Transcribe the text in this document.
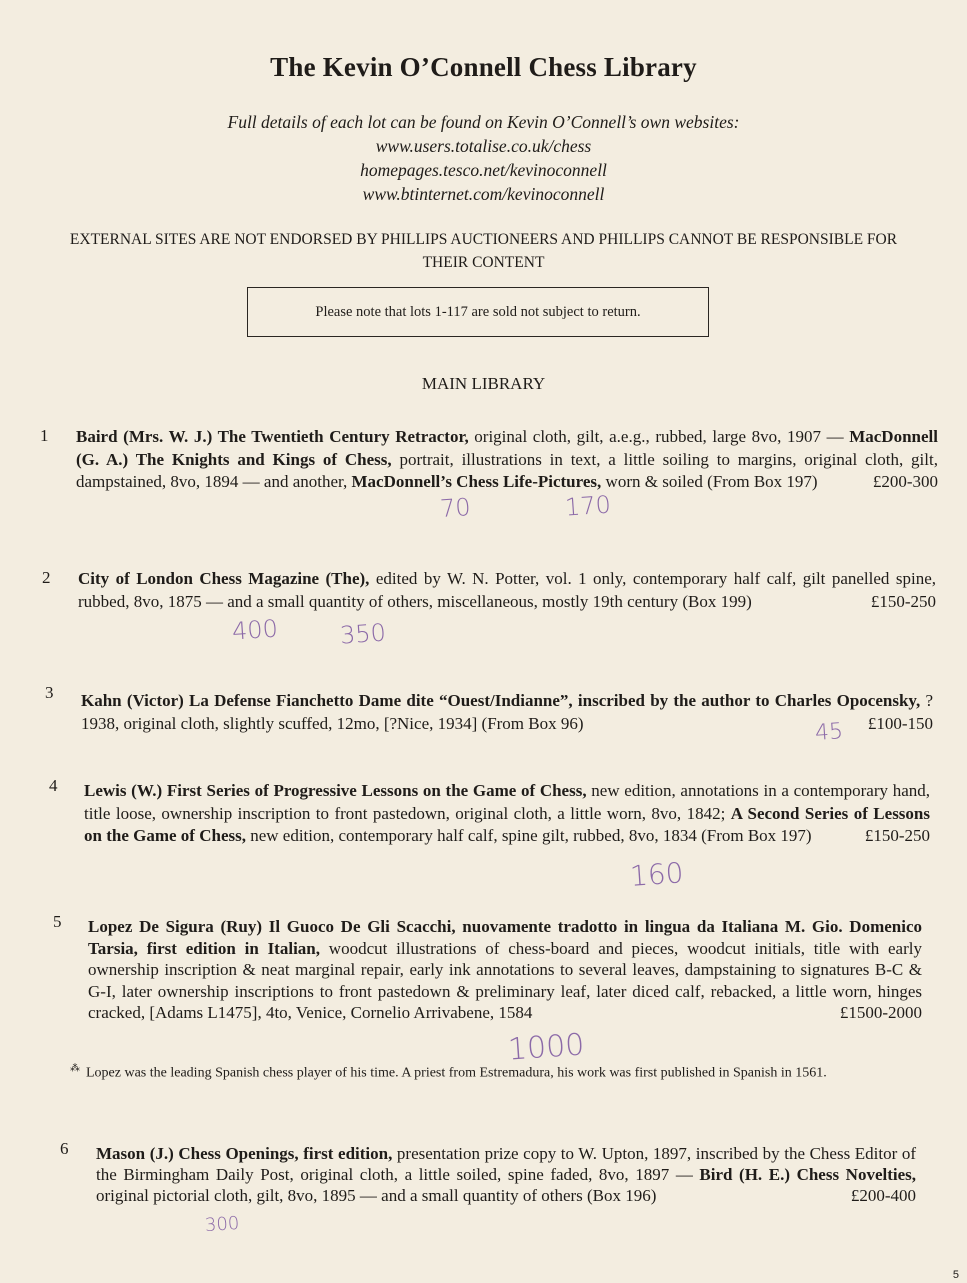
The Kevin O’Connell Chess Library
Full details of each lot can be found on Kevin O’Connell’s own websites:
www.users.totalise.co.uk/chess
homepages.tesco.net/kevinoconnell
www.btinternet.com/kevinoconnell
EXTERNAL SITES ARE NOT ENDORSED BY PHILLIPS AUCTIONEERS AND PHILLIPS CANNOT BE RESPONSIBLE FOR THEIR CONTENT
Please note that lots 1-117 are sold not subject to return.
MAIN LIBRARY
1 Baird (Mrs. W. J.) The Twentieth Century Retractor, original cloth, gilt, a.e.g., rubbed, large 8vo, 1907 — MacDonnell (G. A.) The Knights and Kings of Chess, portrait, illustrations in text, a little soiling to margins, original cloth, gilt, dampstained, 8vo, 1894 — and another, MacDonnell’s Chess Life-Pictures, worn & soiled (From Box 197)	£200-300
70	170
2 City of London Chess Magazine (The), edited by W. N. Potter, vol. 1 only, contemporary half calf, gilt panelled spine, rubbed, 8vo, 1875 — and a small quantity of others, miscellaneous, mostly 19th century (Box 199)	£150-250
400	350
3 Kahn (Victor) La Defense Fianchetto Dame dite “Ouest/Indianne”, inscribed by the author to Charles Opocensky, ?1938, original cloth, slightly scuffed, 12mo, [?Nice, 1934] (From Box 96)	£100-150
45
4 Lewis (W.) First Series of Progressive Lessons on the Game of Chess, new edition, annotations in a contemporary hand, title loose, ownership inscription to front pastedown, original cloth, a little worn, 8vo, 1842; A Second Series of Lessons on the Game of Chess, new edition, contemporary half calf, spine gilt, rubbed, 8vo, 1834 (From Box 197)	£150-250
160
5 Lopez De Sigura (Ruy) Il Guoco De Gli Scacchi, nuovamente tradotto in lingua da Italiana M. Gio. Domenico Tarsia, first edition in Italian, woodcut illustrations of chess-board and pieces, woodcut initials, title with early ownership inscription & neat marginal repair, early ink annotations to several leaves, dampstaining to signatures B-C & G-I, later ownership inscriptions to front pastedown & preliminary leaf, later diced calf, rebacked, a little worn, hinges cracked, [Adams L1475], 4to, Venice, Cornelio Arrivabene, 1584	£1500-2000
1000
⁂ Lopez was the leading Spanish chess player of his time. A priest from Estremadura, his work was first published in Spanish in 1561.
6 Mason (J.) Chess Openings, first edition, presentation prize copy to W. Upton, 1897, inscribed by the Chess Editor of the Birmingham Daily Post, original cloth, a little soiled, spine faded, 8vo, 1897 — Bird (H. E.) Chess Novelties, original pictorial cloth, gilt, 8vo, 1895 — and a small quantity of others (Box 196)	£200-400
300
5
